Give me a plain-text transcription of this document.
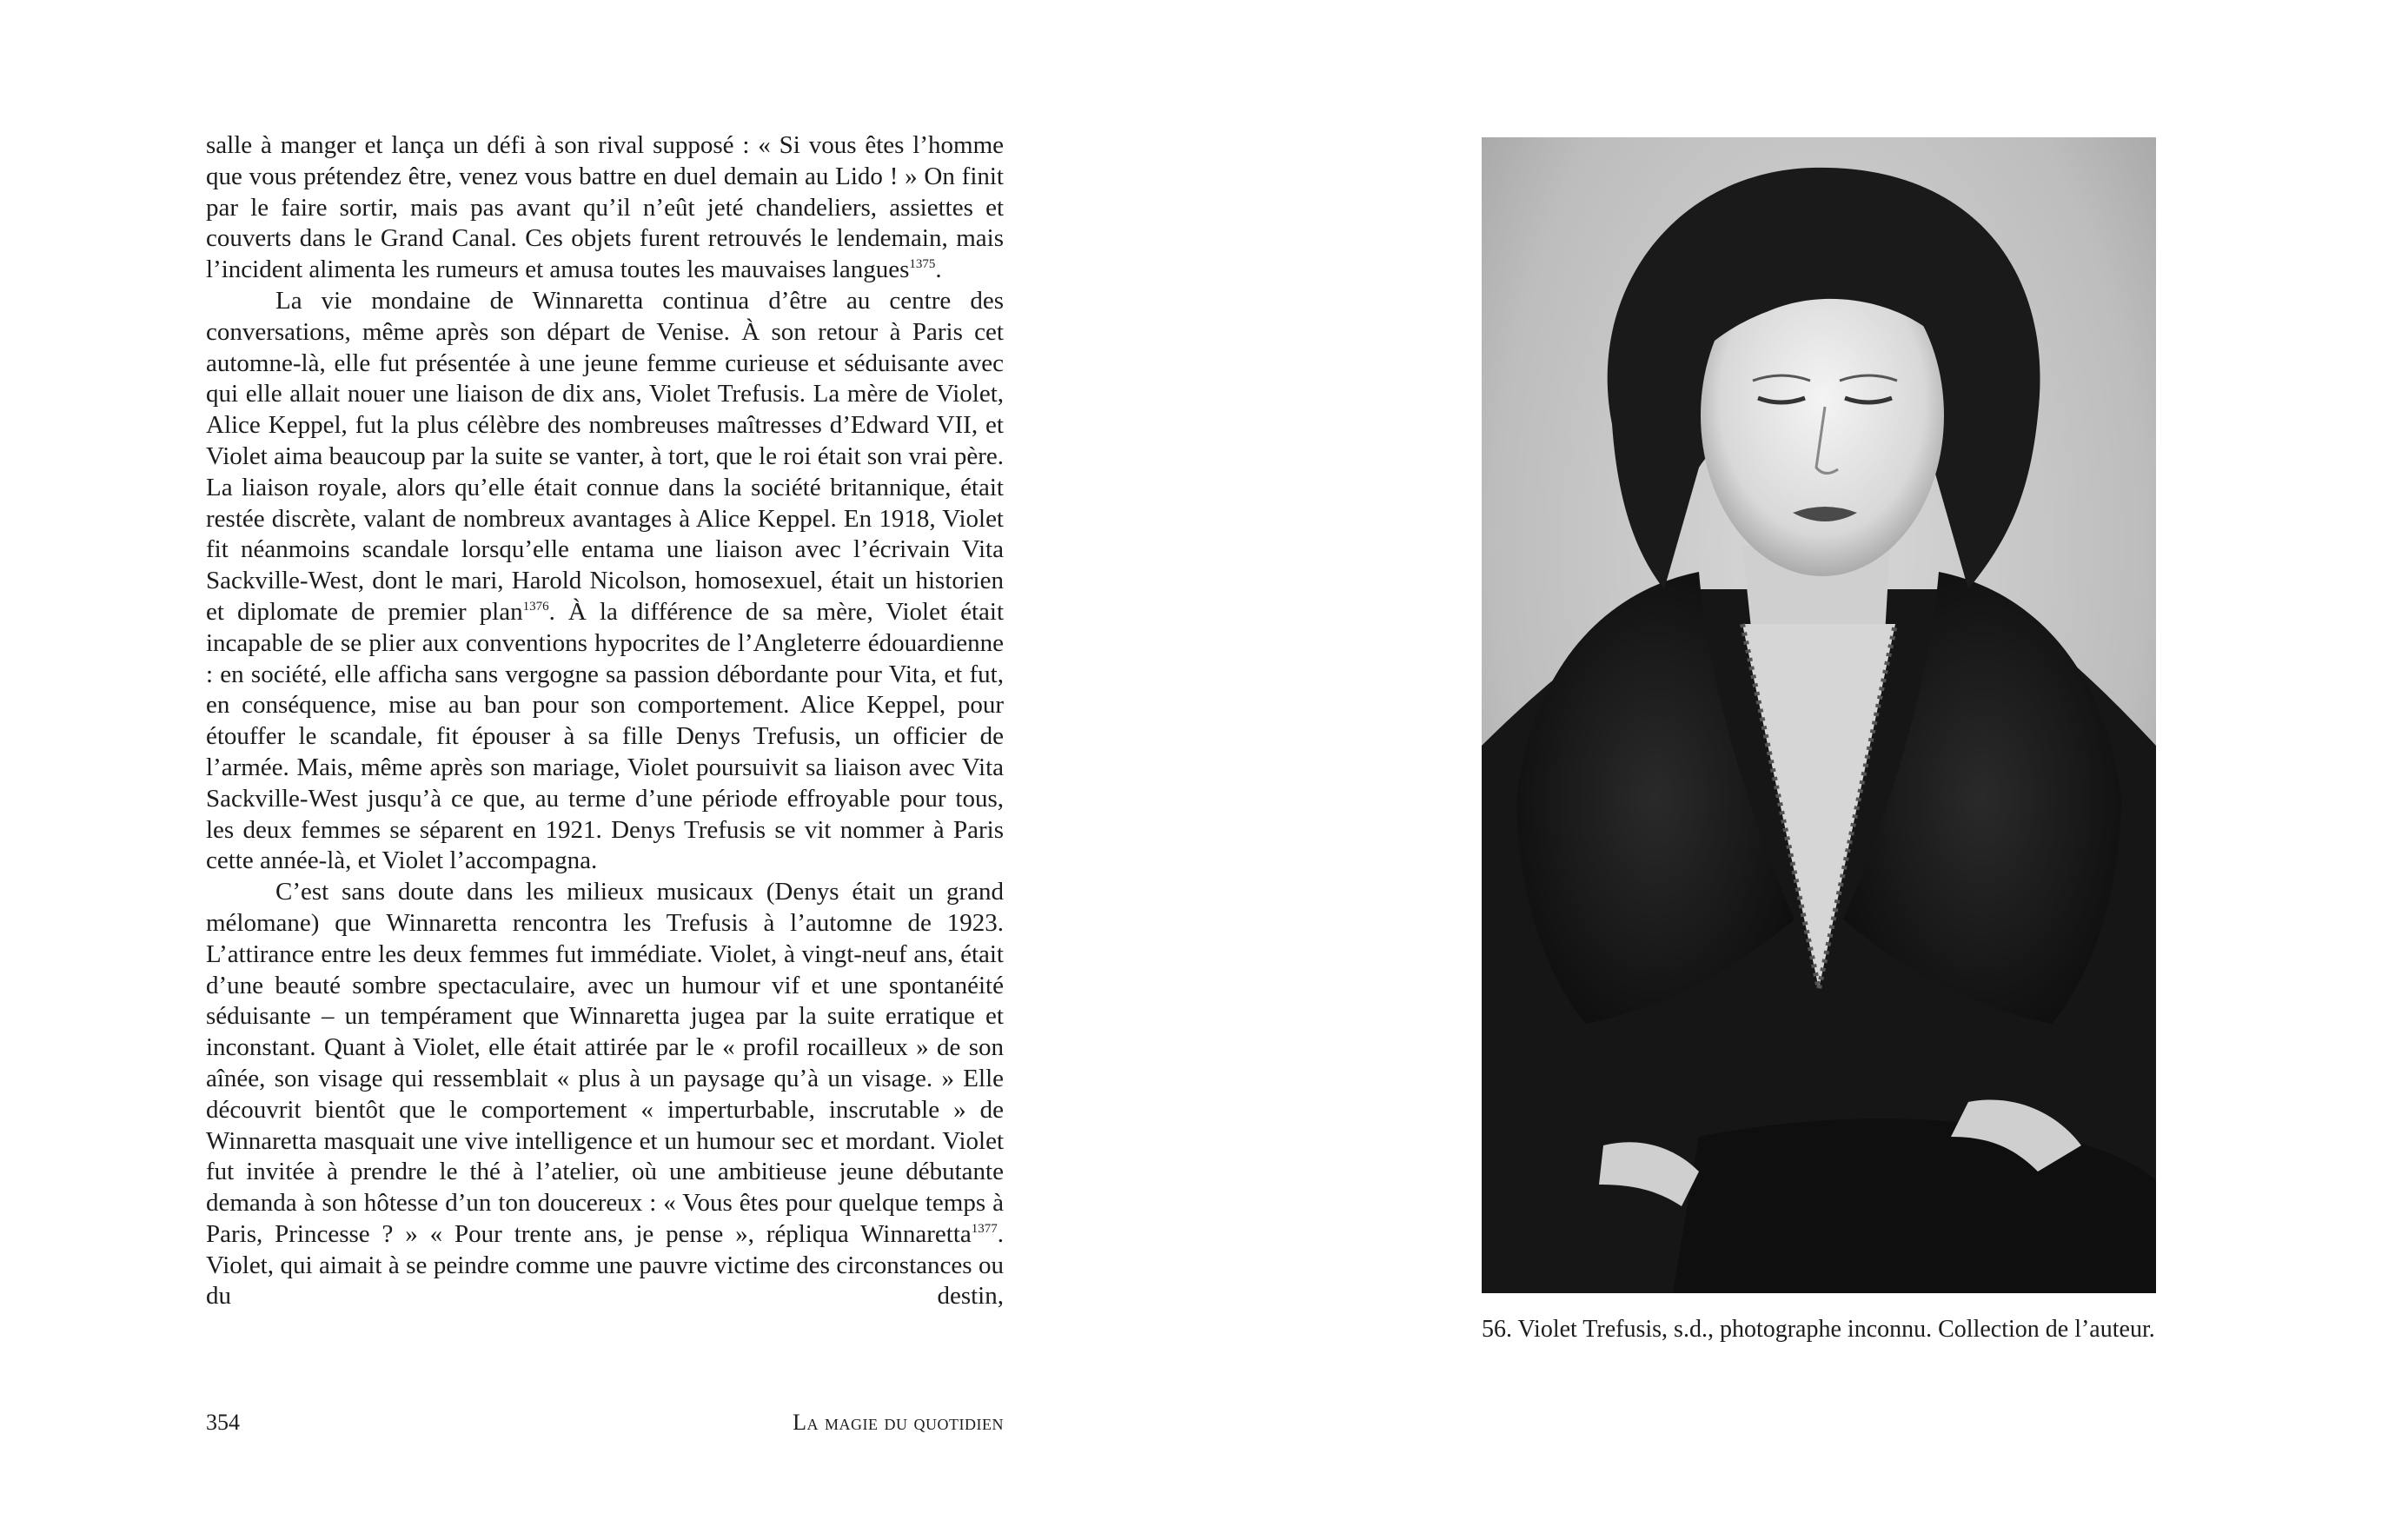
salle à manger et lança un défi à son rival supposé : « Si vous êtes l’homme que vous prétendez être, venez vous battre en duel demain au Lido ! » On finit par le faire sortir, mais pas avant qu’il n’eût jeté chandeliers, assiettes et couverts dans le Grand Canal. Ces objets furent retrouvés le lendemain, mais l’incident alimenta les rumeurs et amusa toutes les mauvaises langues$^{1375}$.

La vie mondaine de Winnaretta continua d’être au centre des conversations, même après son départ de Venise. À son retour à Paris cet automne-là, elle fut présentée à une jeune femme curieuse et séduisante avec qui elle allait nouer une liaison de dix ans, Violet Trefusis. La mère de Violet, Alice Keppel, fut la plus célèbre des nombreuses maîtresses d’Edward VII, et Violet aima beaucoup par la suite se vanter, à tort, que le roi était son vrai père. La liaison royale, alors qu’elle était connue dans la société britannique, était restée discrète, valant de nombreux avantages à Alice Keppel. En 1918, Violet fit néanmoins scandale lorsqu’elle entama une liaison avec l’écrivain Vita Sackville-West, dont le mari, Harold Nicolson, homosexuel, était un historien et diplomate de premier plan$^{1376}$. À la différence de sa mère, Violet était incapable de se plier aux conventions hypocrites de l’Angleterre édouardienne : en société, elle afficha sans vergogne sa passion débordante pour Vita, et fut, en conséquence, mise au ban pour son comportement. Alice Keppel, pour étouffer le scandale, fit épouser à sa fille Denys Trefusis, un officier de l’armée. Mais, même après son mariage, Violet poursuivit sa liaison avec Vita Sackville-West jusqu’à ce que, au terme d’une période effroyable pour tous, les deux femmes se séparent en 1921. Denys Trefusis se vit nommer à Paris cette année-là, et Violet l’accompagna.

C’est sans doute dans les milieux musicaux (Denys était un grand mélomane) que Winnaretta rencontra les Trefusis à l’automne de 1923. L’attirance entre les deux femmes fut immédiate. Violet, à vingt-neuf ans, était d’une beauté sombre spectaculaire, avec un humour vif et une spontanéité séduisante – un tempérament que Winnaretta jugea par la suite erratique et inconstant. Quant à Violet, elle était attirée par le « profil rocailleux » de son aînée, son visage qui ressemblait « plus à un paysage qu’à un visage. » Elle découvrit bientôt que le comportement « imperturbable, inscrutable » de Winnaretta masquait une vive intelligence et un humour sec et mordant. Violet fut invitée à prendre le thé à l’atelier, où une ambitieuse jeune débutante demanda à son hôtesse d’un ton doucereux : « Vous êtes pour quelque temps à Paris, Princesse ? » « Pour trente ans, je pense », répliqua Winnaretta$^{1377}$. Violet, qui aimait à se peindre comme une pauvre victime des circonstances ou du destin,

354	La magie du quotidien
56. Violet Trefusis, s.d., photographe inconnu. Collection de l’auteur.
